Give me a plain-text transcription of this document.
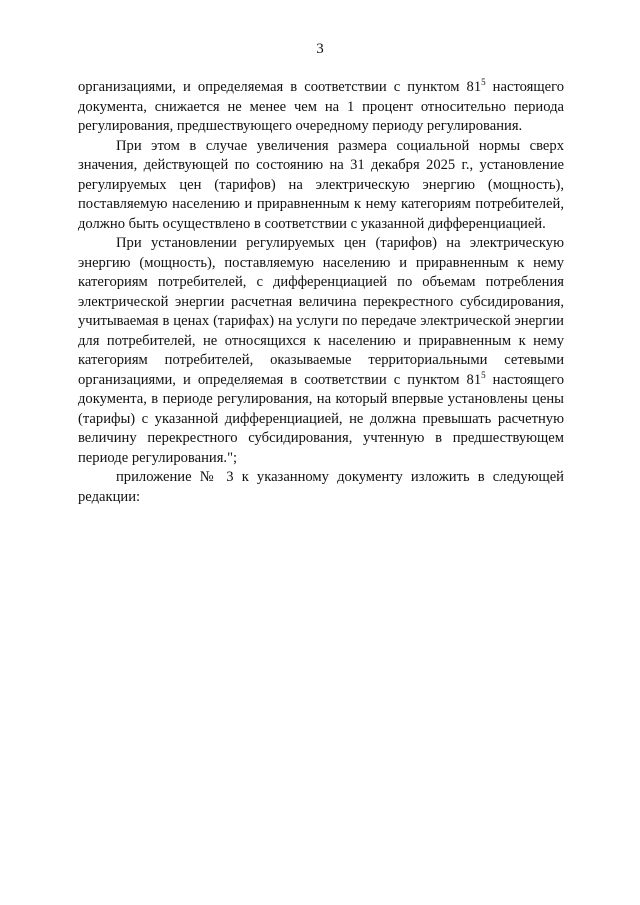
3

организациями, и определяемая в соответствии с пунктом $81^5$ настоящего документа, снижается не менее чем на 1 процент относительно периода регулирования, предшествующего очередному периоду регулирования.

При этом в случае увеличения размера социальной нормы сверх значения, действующей по состоянию на 31 декабря 2025 г., установление регулируемых цен (тарифов) на электрическую энергию (мощность), поставляемую населению и приравненным к нему категориям потребителей, должно быть осуществлено в соответствии с указанной дифференциацией.

При установлении регулируемых цен (тарифов) на электрическую энергию (мощность), поставляемую населению и приравненным к нему категориям потребителей, с дифференциацией по объемам потребления электрической энергии расчетная величина перекрестного субсидирования, учитываемая в ценах (тарифах) на услуги по передаче электрической энергии для потребителей, не относящихся к населению и приравненным к нему категориям потребителей, оказываемые территориальными сетевыми организациями, и определяемая в соответствии с пунктом $81^5$ настоящего документа, в периоде регулирования, на который впервые установлены цены (тарифы) с указанной дифференциацией, не должна превышать расчетную величину перекрестного субсидирования, учтенную в предшествующем периоде регулирования.";

приложение № 3 к указанному документу изложить в следующей редакции:
